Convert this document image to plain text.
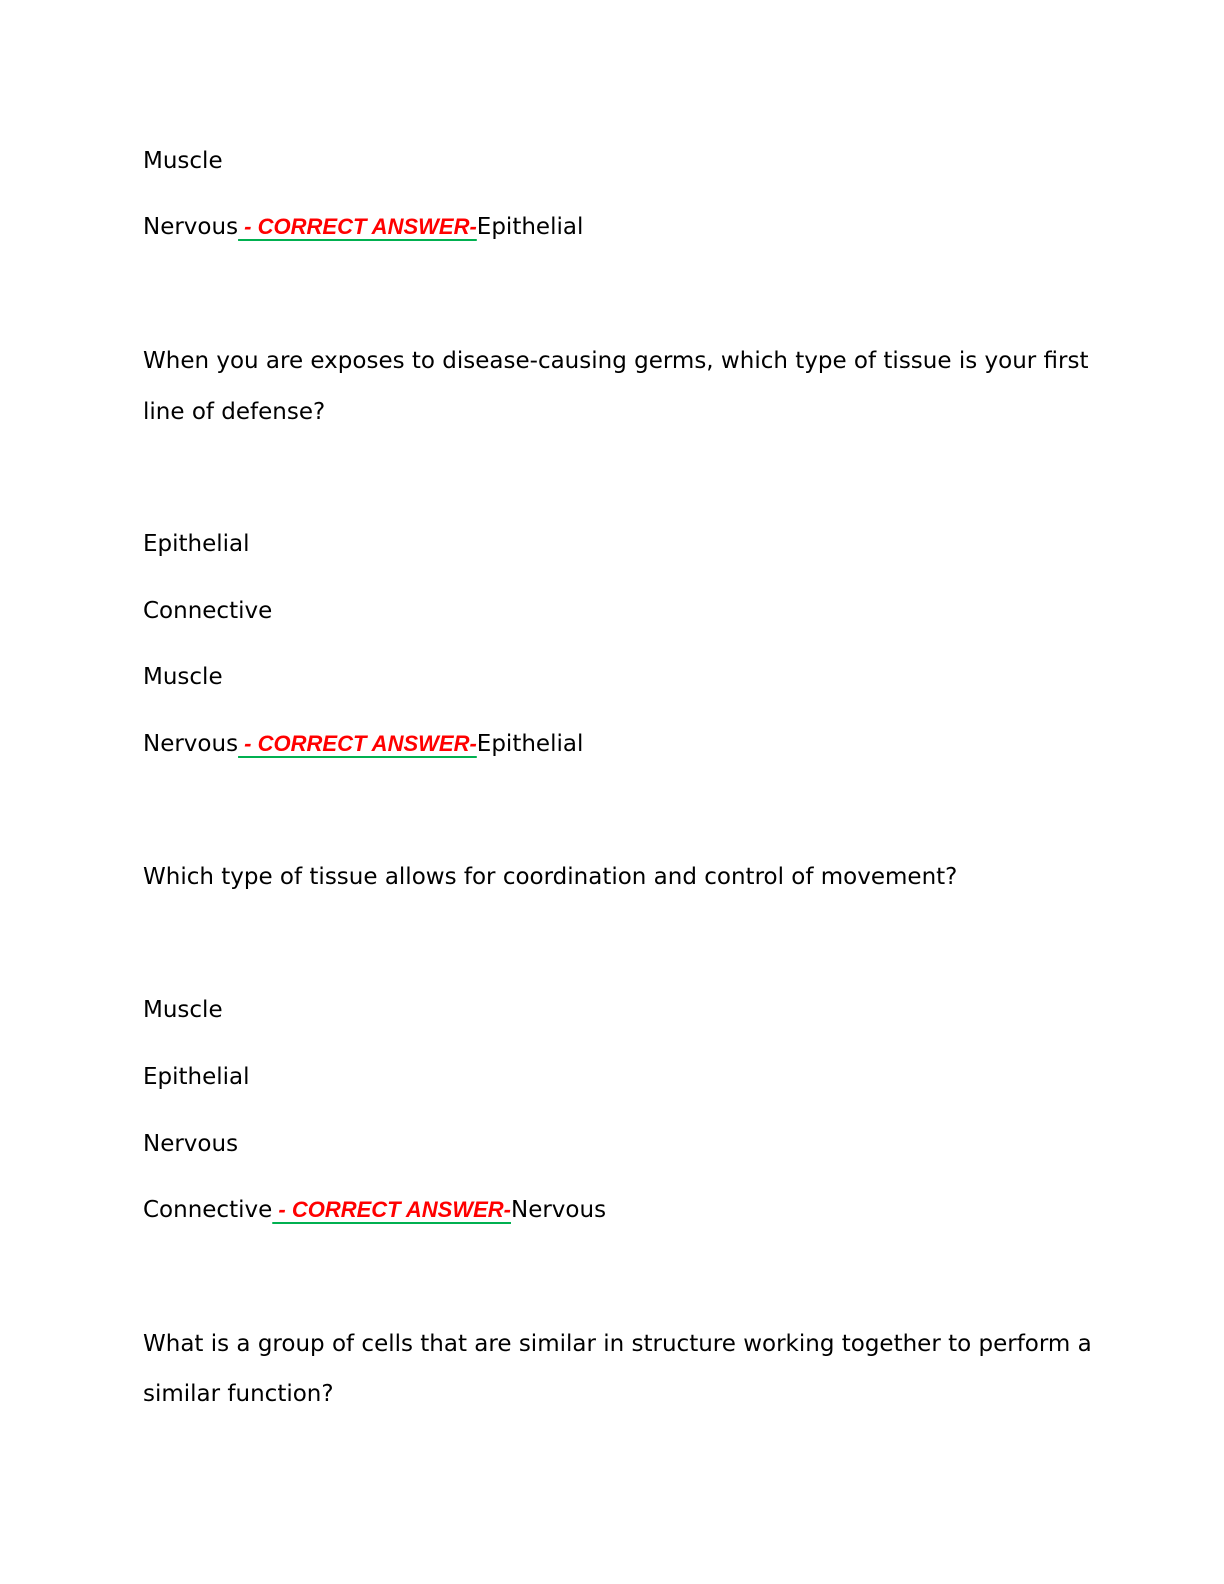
Muscle
Nervous - CORRECT ANSWER-Epithelial
When you are exposes to disease-causing germs, which type of tissue is your first
line of defense?
Epithelial
Connective
Muscle
Nervous - CORRECT ANSWER-Epithelial
Which type of tissue allows for coordination and control of movement?
Muscle
Epithelial
Nervous
Connective - CORRECT ANSWER-Nervous
What is a group of cells that are similar in structure working together to perform a
similar function?
